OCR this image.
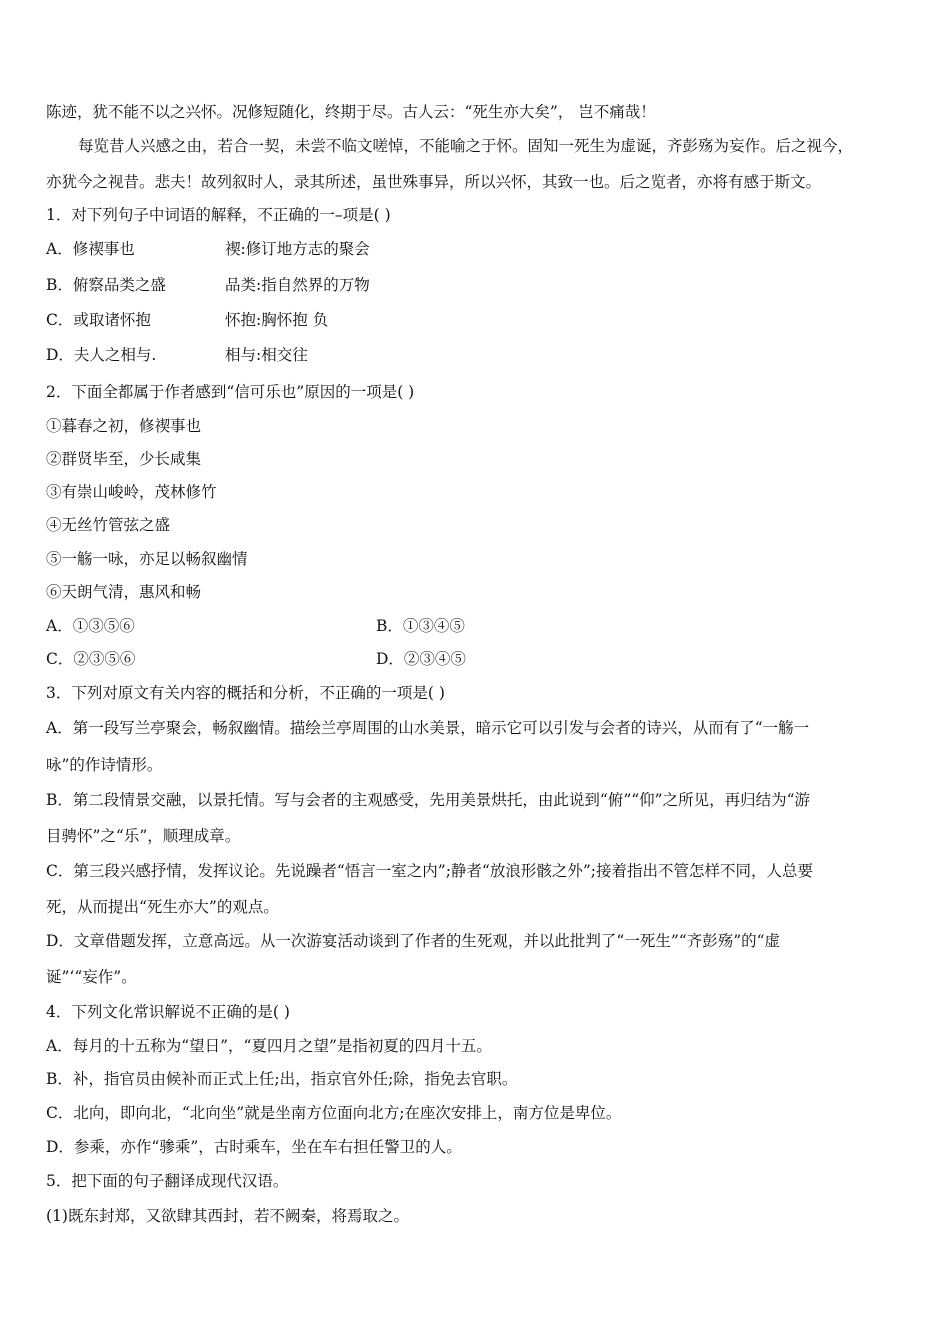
陈迹，犹不能不以之兴怀。况修短随化，终期于尽。古人云：“死生亦大矣”， 岂不痛哉！
每览昔人兴感之由，若合一契，未尝不临文嗟悼，不能喻之于怀。固知一死生为虚诞，齐彭殇为妄作。后之视今，
亦犹今之视昔。悲夫！故列叙时人，录其所述，虽世殊事异，所以兴怀，其致一也。后之览者，亦将有感于斯文。
1．对下列句子中词语的解释，不正确的一–项是( )
A．修禊事也	禊:修订地方志的聚会
B．俯察品类之盛	品类:指自然界的万物
C．或取诸怀抱	怀抱:胸怀抱 负
D．夫人之相与.	相与:相交往
2．下面全都属于作者感到“信可乐也”原因的一项是( )
①暮春之初，修禊事也
②群贤毕至，少长咸集
③有崇山峻岭，茂林修竹
④无丝竹管弦之盛
⑤一觞一咏，亦足以畅叙幽情
⑥天朗气清，惠风和畅
A．①③⑤⑥	B．①③④⑤
C．②③⑤⑥	D．②③④⑤
3．下列对原文有关内容的概括和分析，不正确的一项是( )
A．第一段写兰亭聚会，畅叙幽情。描绘兰亭周围的山水美景，暗示它可以引发与会者的诗兴，从而有了“一觞一
咏”的作诗情形。
B．第二段情景交融，以景托情。写与会者的主观感受，先用美景烘托，由此说到“俯”“仰”之所见，再归结为“游
目骋怀”之“乐”，顺理成章。
C．第三段兴感抒情，发挥议论。先说躁者“悟言一室之内”;静者“放浪形骸之外”;接着指出不管怎样不同，人总要
死，从而提出“死生亦大”的观点。
D．文章借题发挥，立意高远。从一次游宴活动谈到了作者的生死观，并以此批判了“一死生”“齐彭殇”的“虚
诞”‘“妄作”。
4．下列文化常识解说不正确的是( )
A．每月的十五称为“望日”，“夏四月之望”是指初夏的四月十五。
B．补，指官员由候补而正式上任;出，指京官外任;除，指免去官职。
C．北向，即向北，“北向坐”就是坐南方位面向北方;在座次安排上，南方位是卑位。
D．参乘，亦作“骖乘”，古时乘车，坐在车右担任警卫的人。
5．把下面的句子翻译成现代汉语。
(1)既东封郑，又欲肆其西封，若不阙秦，将焉取之。
